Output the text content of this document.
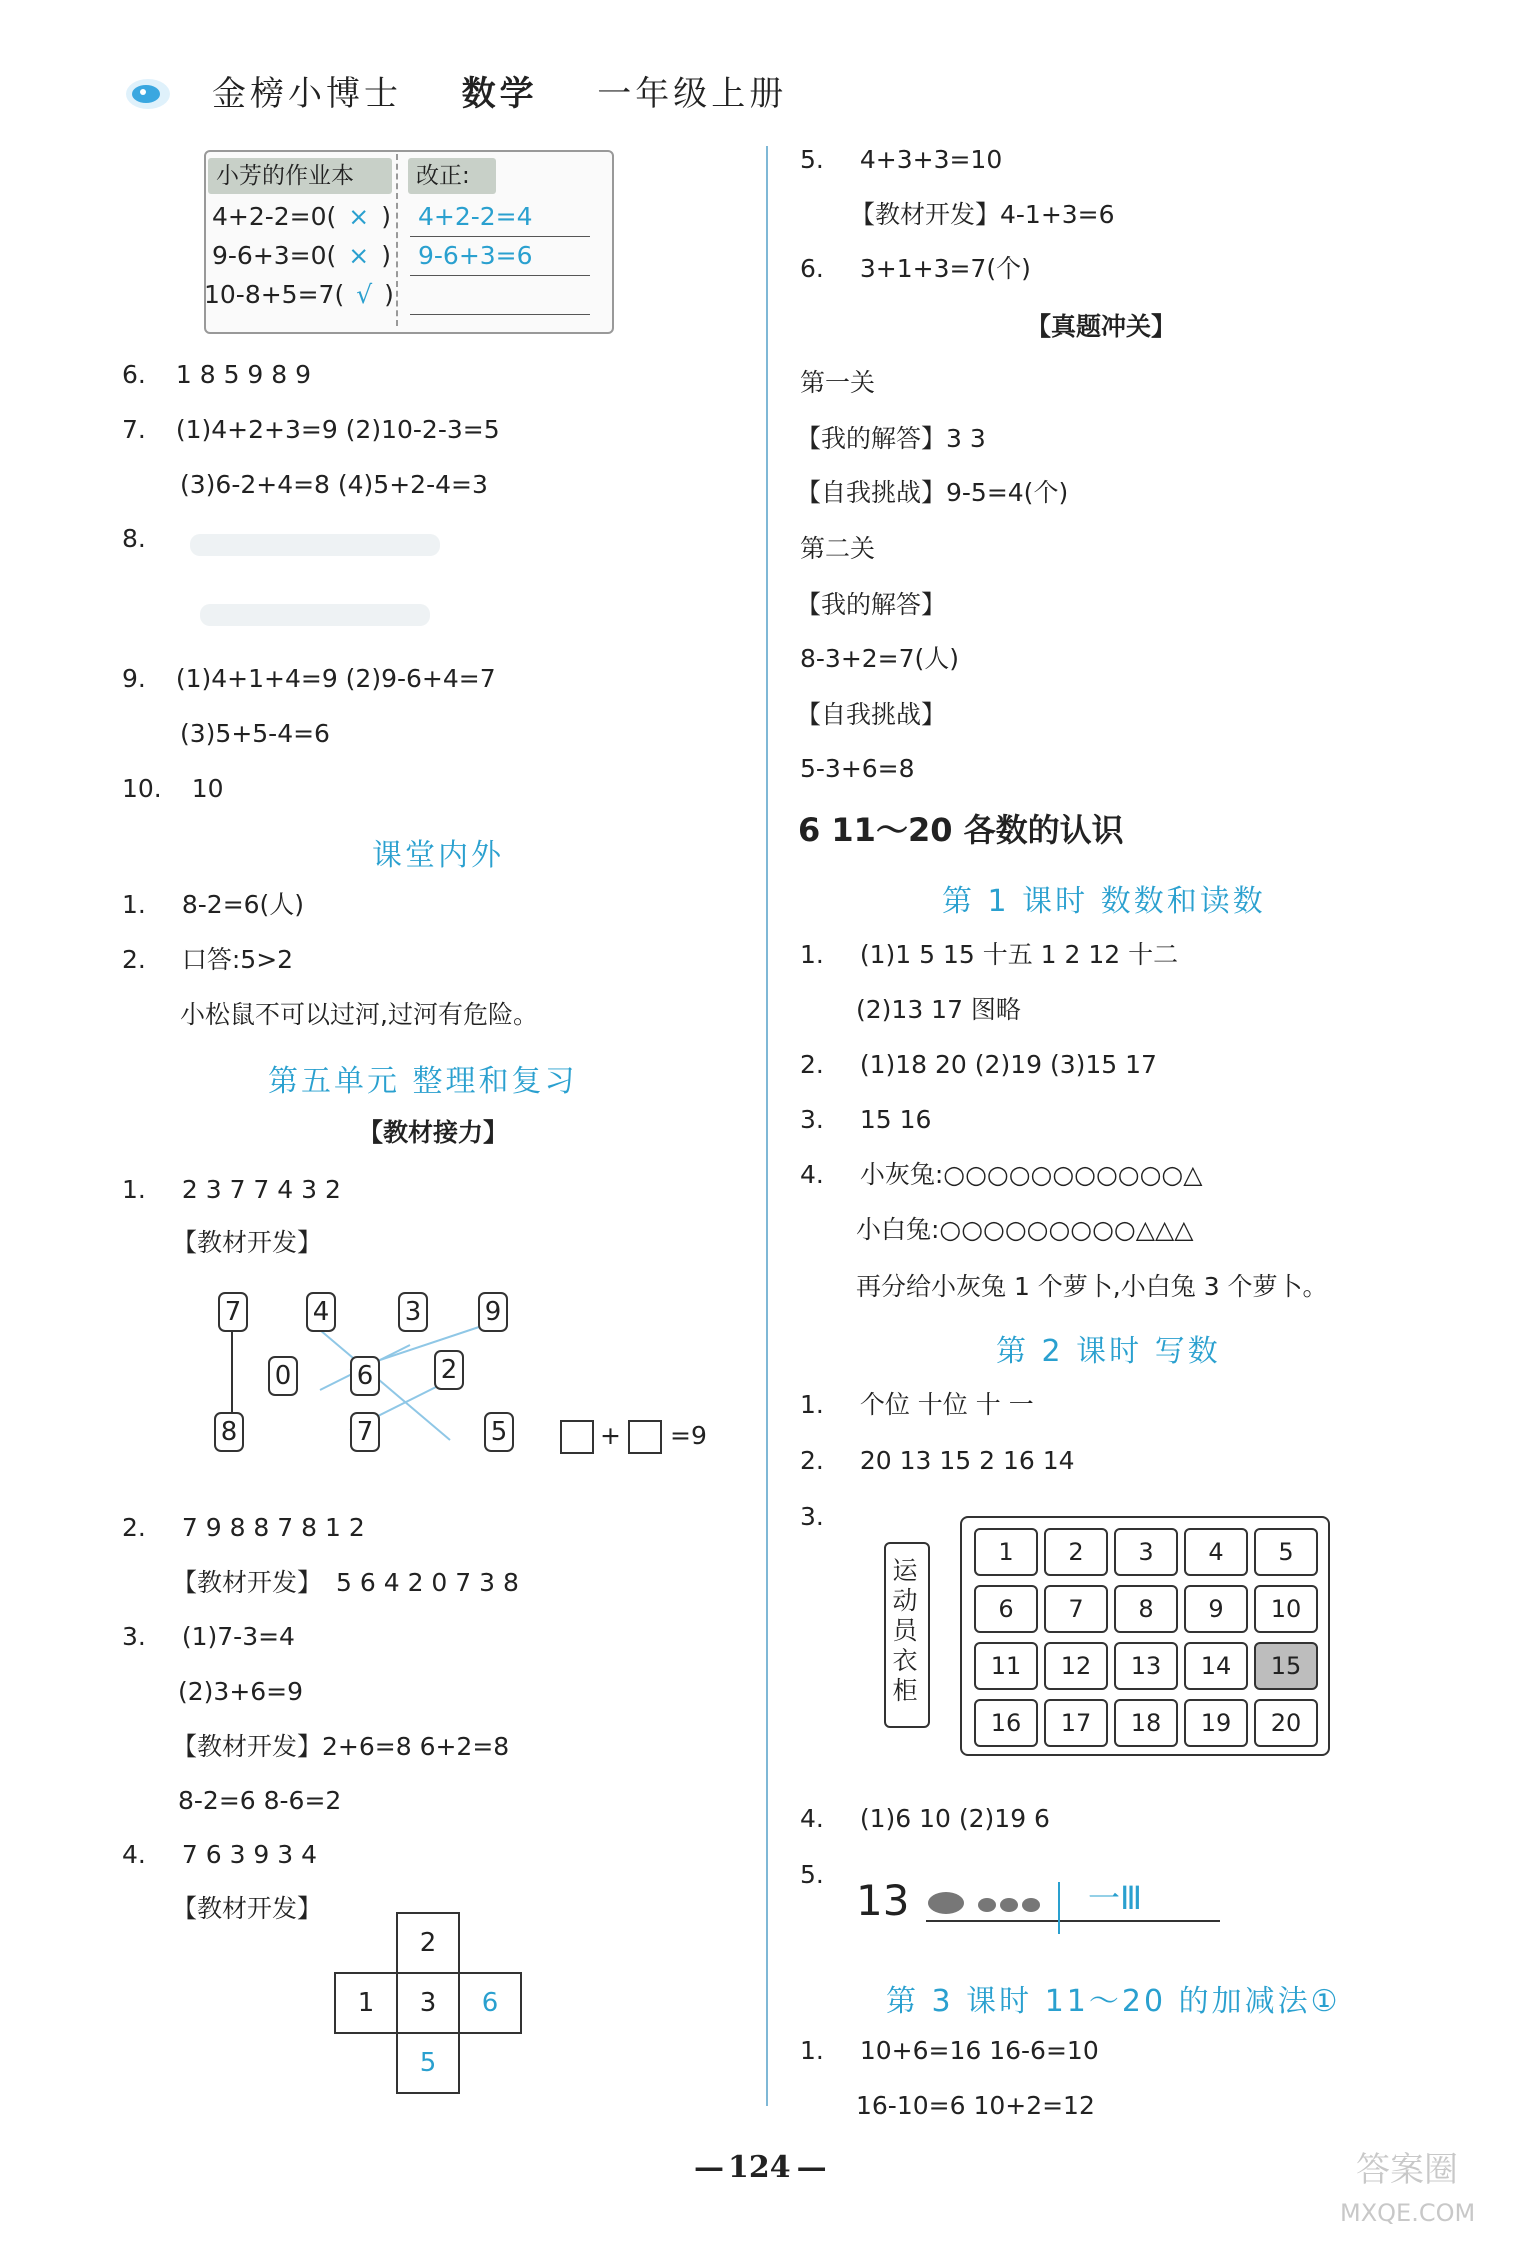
金榜小博士 数学 一年级上册
小芳的作业本	改正:
4+2-2=0( × ) 4+2-2=4
9-6+3=0( × ) 9-6+3=6
10-8+5=7( √ )
6. 1 8 5 9 8 9
7. (1)4+2+3=9 (2)10-2-3=5
(3)6-2+4=8 (4)5+2-4=3
8.
9. (1)4+1+4=9 (2)9-6+4=7
(3)5+5-4=6
10. 10
课堂内外
1. 8-2=6(人)
2. 口答:5>2
小松鼠不可以过河,过河有危险。
第五单元 整理和复习
【教材接力】
1. 2 3 7 7 4 3 2
【教材开发】
7	4	3 9
0	6	2
8	7	5	+ =9
2. 7 9 8 8 7 8 1 2
【教材开发】 5 6 4 2 0 7 3 8
3. (1)7-3=4
(2)3+6=9
【教材开发】2+6=8 6+2=8
8-2=6 8-6=2
4. 7 6 3 9 3 4
【教材开发】
2
1	3	6
5
5. 4+3+3=10
【教材开发】4-1+3=6
6. 3+1+3=7(个)
【真题冲关】
第一关
【我的解答】3 3
【自我挑战】9-5=4(个)
第二关
【我的解答】
8-3+2=7(人)
【自我挑战】
5-3+6=8
6 11～20 各数的认识
第 1 课时 数数和读数
1. (1)1 5 15 十五 1 2 12 十二
(2)13 17 图略
2. (1)18 20 (2)19 (3)15 17
3. 15 16
4. 小灰兔:○○○○○○○○○○○△
小白兔:○○○○○○○○○△△△
再分给小灰兔 1 个萝卜,小白兔 3 个萝卜。
第 2 课时 写数
1. 个位 十位 十 一
2. 20 13 15 2 16 14
3.
运动员衣柜
1	2	3	4	5
6	7	8	9	10
11	12	13	14	15
16	17	18	19	20
4. (1)6 10 (2)19 6
5.
13	一Ⅲ
第 3 课时 11～20 的加减法①
1. 10+6=16 16-6=10
16-10=6 10+2=12
— 124 —	答案圈
MXQE.COM
